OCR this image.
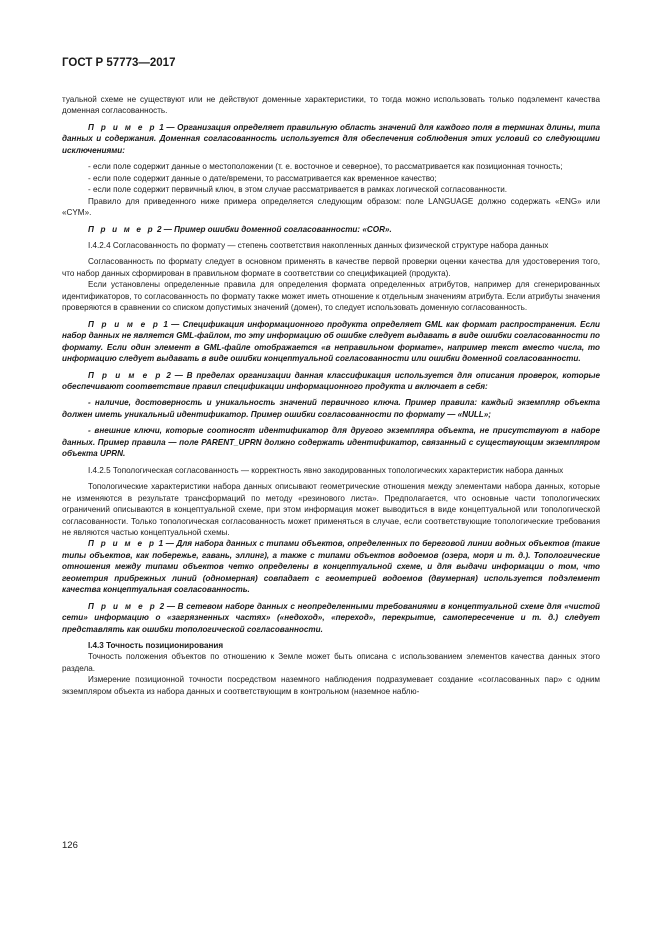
ГОСТ Р 57773—2017

туальной схеме не существуют или не действуют доменные характеристики, то тогда можно использовать только подэлемент качества доменная согласованность.

П р и м е р 1 — Организация определяет правильную область значений для каждого поля в терминах длины, типа данных и содержания. Доменная согласованность используется для обеспечения соблюдения этих условий со следующими исключениями:

- если поле содержит данные о местоположении (т. е. восточное и северное), то рассматривается как позиционная точность;

- если поле содержит данные о дате/времени, то рассматривается как временное качество;

- если поле содержит первичный ключ, в этом случае рассматривается в рамках логической согласованности.

Правило для приведенного ниже примера определяется следующим образом: поле LANGUAGE должно содержать «ENG» или «CYM».

П р и м е р 2 — Пример ошибки доменной согласованности: «COR».

I.4.2.4 Согласованность по формату — степень соответствия накопленных данных физической структуре набора данных

Согласованность по формату следует в основном применять в качестве первой проверки оценки качества для удостоверения того, что набор данных сформирован в правильном формате в соответствии со спецификацией (продукта).

Если установлены определенные правила для определения формата определенных атрибутов, например для сгенерированных идентификаторов, то согласованность по формату также может иметь отношение к отдельным значениям атрибута. Если атрибуты значения проверяются в сравнении со списком допустимых значений (домен), то следует использовать доменную согласованность.

П р и м е р 1 — Спецификация информационного продукта определяет GML как формат распространения. Если набор данных не является GML-файлом, то эту информацию об ошибке следует выдавать в виде ошибки согласованности по формату. Если один элемент в GML-файле отображается «в неправильном формате», например текст вместо числа, то информацию следует выдавать в виде ошибки концептуальной согласованности или ошибки доменной согласованности.

П р и м е р 2 — В пределах организации данная классификация используется для описания проверок, которые обеспечивают соответствие правил спецификации информационного продукта и включает в себя:

- наличие, достоверность и уникальность значений первичного ключа. Пример правила: каждый экземпляр объекта должен иметь уникальный идентификатор. Пример ошибки согласованности по формату — «NULL»;

- внешние ключи, которые соотносят идентификатор для другого экземпляра объекта, не присутствуют в наборе данных. Пример правила — поле PARENT_UPRN должно содержать идентификатор, связанный с существующим экземпляром объекта UPRN.

I.4.2.5 Топологическая согласованность — корректность явно закодированных топологических характеристик набора данных

Топологические характеристики набора данных описывают геометрические отношения между элементами набора данных, которые не изменяются в результате трансформаций по методу «резинового листа». Предполагается, что основные части топологических ограничений описываются в концептуальной схеме, при этом информация может выводиться в виде концептуальной или топологической согласованности. Только топологическая согласованность может применяться в случае, если соответствующие топологические требования не являются частью концептуальной схемы.

П р и м е р 1 — Для набора данных с типами объектов, определенных по береговой линии водных объектов (такие типы объектов, как побережье, гавань, эллинг), а также с типами объектов водоемов (озера, моря и т. д.). Топологические отношения между типами объектов четко определены в концептуальной схеме, и для выдачи информации о том, что геометрия прибрежных линий (одномерная) совпадает с геометрией водоемов (двумерная) используется подэлемент качества концептуальная согласованность.

П р и м е р 2 — В сетевом наборе данных с неопределенными требованиями в концептуальной схеме для «чистой сети» информацию о «загрязненных частях» («недоход», «переход», перекрытие, самопересечение и т. д.) следует представлять как ошибки топологической согласованности.

I.4.3 Точность позиционирования

Точность положения объектов по отношению к Земле может быть описана с использованием элементов качества данных этого раздела.

Измерение позиционной точности посредством наземного наблюдения подразумевает создание «согласованных пар» с одним экземпляром объекта из набора данных и соответствующим в контрольном (наземное наблю-

126
